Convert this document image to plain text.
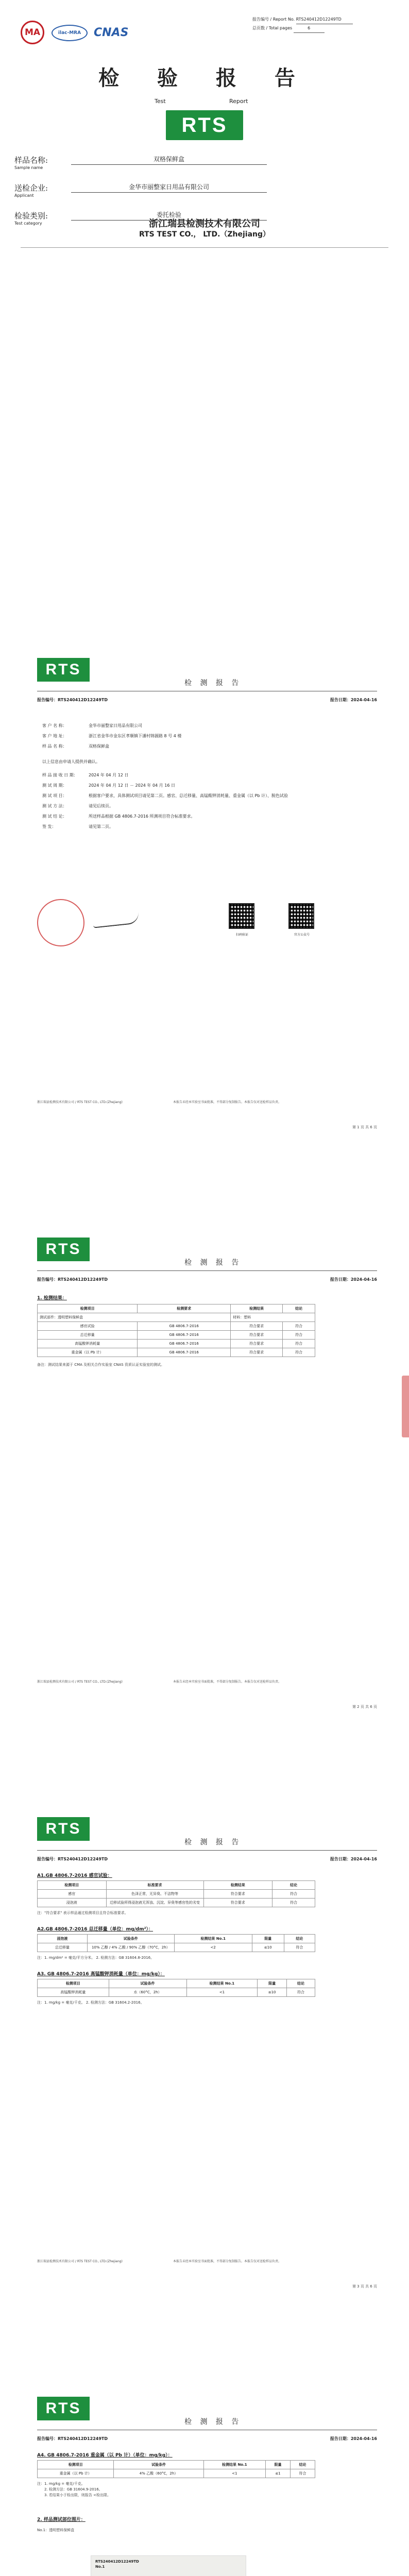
MA	ilac-MRA	CNAS
报告编号 / Report No. RTS240412D12249TD
总页数 / Total pages	6
检 验 报 告
Test	Report
RTS
样品名称:
Sample name
双格保鲜盒
送检企业:
Applicant
金华市丽整家日用品有限公司
检验类别:
Test category
委托检验
浙江瑞县检测技术有限公司
RTS TEST CO.， LTD.（Zhejiang）
RTS
检 测 报 告
报告编号：RTS240412D12249TD	报告日期：2024-04-16
客 户 名 称：	金华市丽整家日用品有限公司
客 户 地 址：	浙江省金华市金东区孝顺镇下潘村锦源路 8 号 4 楼
样 品 名 称：	双格保鲜盒
以上信息由申请人提供并确认。
样 品 接 收 日 期：	2024 年 04 月 12 日
测 试 周 期：	2024 年 04 月 12 日 － 2024 年 04 月 16 日
测 试 项 目：	根据客户要求，具体测试项目请见第二页。感官、总迁移量、高锰酸钾消耗量、重金属（以 Pb 计）、脱色试验
测 试 方 法：	请见后续页。
测 试 结 论：	所送样品根据 GB 4806.7-2016 所测项目符合标准要求。
签 发：	请见第二页。
扫码验证	官方公众号
浙江瑞县检测技术有限公司 / RTS TEST CO., LTD.(Zhejiang)	本报告未经本实验室书面批准，不得部分复制报告。本报告仅对送检样品负责。
第 1 页 共 6 页
RTS
检 测 报 告
报告编号：RTS240412D12249TD	报告日期：2024-04-16
1. 检测结果：
检测项目	检测要求	检测结果	结论
测试部件：透明塑料保鲜盒		材料：塑料	
感官试验	GB 4806.7-2016	符合要求	符合
总迁移量	GB 4806.7-2016	符合要求	符合
高锰酸钾消耗量	GB 4806.7-2016	符合要求	符合
重金属（以 Pb 计）	GB 4806.7-2016	符合要求	符合
备注：测试结果来源于 CMA 及相关合作实验室 CNAS 资质认证实验室的测试。
浙江瑞县检测技术有限公司 / RTS TEST CO., LTD.(Zhejiang)	本报告未经本实验室书面批准，不得部分复制报告。本报告仅对送检样品负责。
第 2 页 共 6 页
RTS
检 测 报 告
报告编号：RTS240412D12249TD	报告日期：2024-04-16
A1.GB 4806.7-2016 感官试验：
检测项目	标准要求	检测结果	结论
感官	色泽正常，无异臭、不洁物等	符合要求	符合
浸泡液	迁移试验所得浸泡液无浑浊、沉淀、异臭等感官性的劣变	符合要求	符合
注："符合要求" 表示样品通过检测项目且符合标准要求。
A2.GB 4806.7-2016 总迁移量（单位：mg/dm²）：
浸泡液	试验条件	检测结果 No.1	限量	结论
总迁移量	10% 乙醇 / 4% 乙酸 / 90% 乙醇（70°C，2h）	<2	≤10	符合
注：1. mg/dm² = 毫克/平方分米。 2. 检测方法：GB 31604.8-2016。
A3. GB 4806.7-2016 高锰酸钾消耗量（单位：mg/kg）：
检测项目	试验条件	检测结果 No.1	限量	结论
高锰酸钾消耗量	水（60°C，2h）	<1	≤10	符合
注：1. mg/kg = 毫克/千克。 2. 检测方法：GB 31604.2-2016。
浙江瑞县检测技术有限公司 / RTS TEST CO., LTD.(Zhejiang)	本报告未经本实验室书面批准，不得部分复制报告。本报告仅对送检样品负责。
第 3 页 共 6 页
RTS
检 测 报 告
报告编号：RTS240412D12249TD	报告日期：2024-04-16
A4. GB 4806.7-2016 重金属（以 Pb 计）（单位：mg/kg）：
检测项目	试验条件	检测结果 No.1	限量	结论
重金属（以 Pb 计）	4% 乙酸（60°C，2h）	<1	≤1	符合
注：1. mg/kg = 毫克/千克。
2. 检测方法：GB 31604.9-2016。
3. 若结果小于检出限，则报告 <检出限。
2. 样品测试部位图片：
No.1：透明塑料保鲜盒
RTS240412D12249TD No.1
